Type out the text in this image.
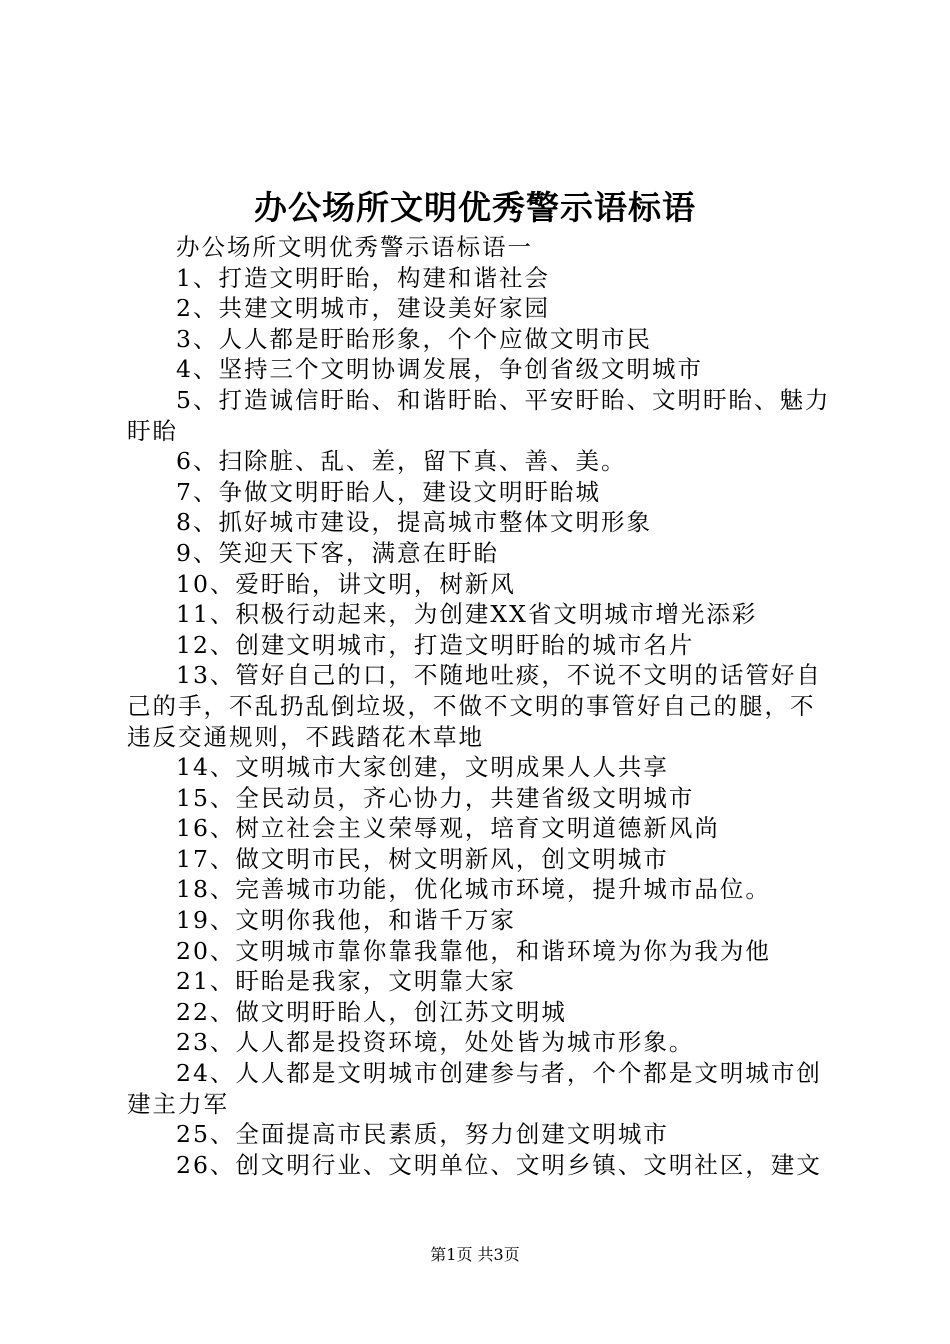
办公场所文明优秀警示语标语

办公场所文明优秀警示语标语一

1、打造文明盱眙，构建和谐社会

2、共建文明城市，建设美好家园

3、人人都是盱眙形象，个个应做文明市民

4、坚持三个文明协调发展，争创省级文明城市

5、打造诚信盱眙、和谐盱眙、平安盱眙、文明盱眙、魅力盱眙

6、扫除脏、乱、差，留下真、善、美。

7、争做文明盱眙人，建设文明盱眙城

8、抓好城市建设，提高城市整体文明形象

9、笑迎天下客，满意在盱眙

10、爱盱眙，讲文明，树新风

11、积极行动起来，为创建XX省文明城市增光添彩

12、创建文明城市，打造文明盱眙的城市名片

13、管好自己的口，不随地吐痰，不说不文明的话管好自己的手，不乱扔乱倒垃圾，不做不文明的事管好自己的腿，不违反交通规则，不践踏花木草地

14、文明城市大家创建，文明成果人人共享

15、全民动员，齐心协力，共建省级文明城市

16、树立社会主义荣辱观，培育文明道德新风尚

17、做文明市民，树文明新风，创文明城市

18、完善城市功能，优化城市环境，提升城市品位。

19、文明你我他，和谐千万家

20、文明城市靠你靠我靠他，和谐环境为你为我为他

21、盱眙是我家，文明靠大家

22、做文明盱眙人，创江苏文明城

23、人人都是投资环境，处处皆为城市形象。

24、人人都是文明城市创建参与者，个个都是文明城市创建主力军

25、全面提高市民素质，努力创建文明城市

26、创文明行业、文明单位、文明乡镇、文明社区，建文

第1页 共3页
